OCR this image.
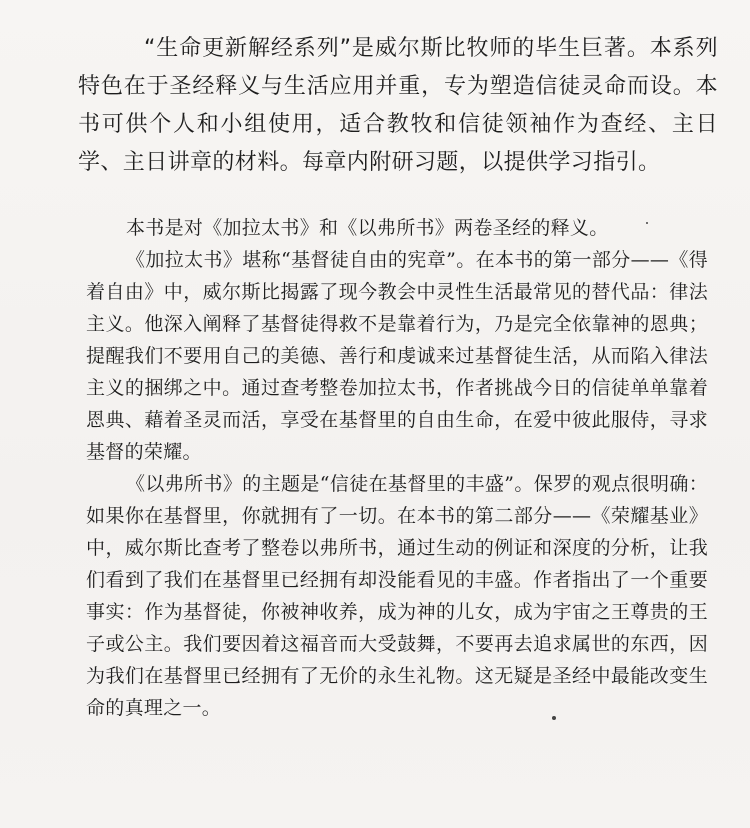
“生命更新解经系列”是威尔斯比牧师的毕生巨著。本系列特色在于圣经释义与生活应用并重，专为塑造信徒灵命而设。本书可供个人和小组使用，适合教牧和信徒领袖作为查经、主日学、主日讲章的材料。每章内附研习题，以提供学习指引。

本书是对《加拉太书》和《以弗所书》两卷圣经的释义。

《加拉太书》堪称“基督徒自由的宪章”。在本书的第一部分——《得着自由》中，威尔斯比揭露了现今教会中灵性生活最常见的替代品：律法主义。他深入阐释了基督徒得救不是靠着行为，乃是完全依靠神的恩典；提醒我们不要用自己的美德、善行和虔诚来过基督徒生活，从而陷入律法主义的捆绑之中。通过查考整卷加拉太书，作者挑战今日的信徒单单靠着恩典、藉着圣灵而活，享受在基督里的自由生命，在爱中彼此服侍，寻求基督的荣耀。

《以弗所书》的主题是“信徒在基督里的丰盛”。保罗的观点很明确：如果你在基督里，你就拥有了一切。在本书的第二部分——《荣耀基业》中，威尔斯比查考了整卷以弗所书，通过生动的例证和深度的分析，让我们看到了我们在基督里已经拥有却没能看见的丰盛。作者指出了一个重要事实：作为基督徒，你被神收养，成为神的儿女，成为宇宙之王尊贵的王子或公主。我们要因着这福音而大受鼓舞，不要再去追求属世的东西，因为我们在基督里已经拥有了无价的永生礼物。这无疑是圣经中最能改变生命的真理之一。
